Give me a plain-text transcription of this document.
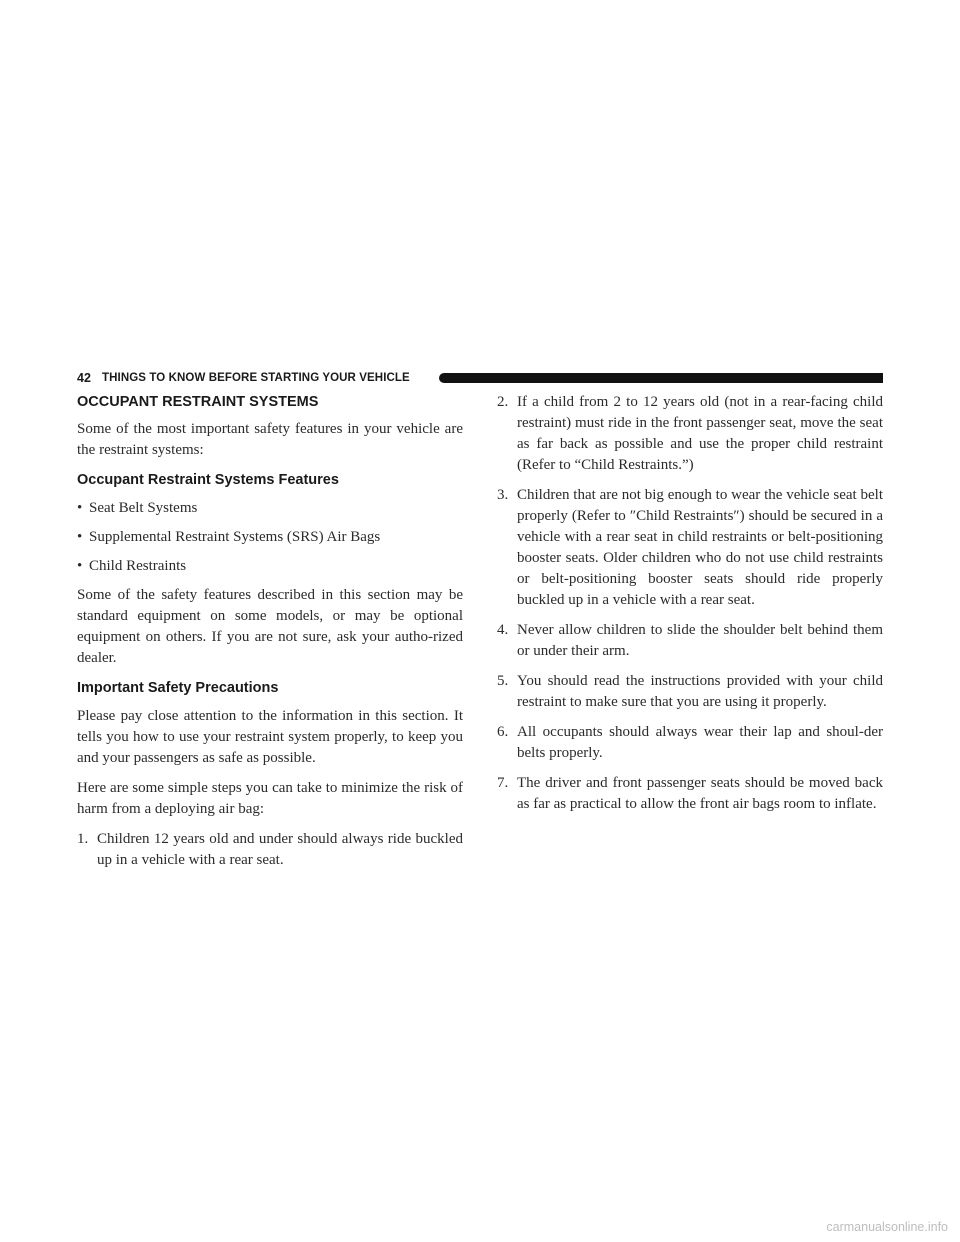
42 THINGS TO KNOW BEFORE STARTING YOUR VEHICLE
OCCUPANT RESTRAINT SYSTEMS

Some of the most important safety features in your vehicle are the restraint systems:

Occupant Restraint Systems Features
• Seat Belt Systems
• Supplemental Restraint Systems (SRS) Air Bags
• Child Restraints

Some of the safety features described in this section may be standard equipment on some models, or may be optional equipment on others. If you are not sure, ask your autho-rized dealer.

Important Safety Precautions

Please pay close attention to the information in this section. It tells you how to use your restraint system properly, to keep you and your passengers as safe as possible.

Here are some simple steps you can take to minimize the risk of harm from a deploying air bag:

1. Children 12 years old and under should always ride buckled up in a vehicle with a rear seat.
2. If a child from 2 to 12 years old (not in a rear-facing child restraint) must ride in the front passenger seat, move the seat as far back as possible and use the proper child restraint (Refer to “Child Restraints.”)
3. Children that are not big enough to wear the vehicle seat belt properly (Refer to ″Child Restraints″) should be secured in a vehicle with a rear seat in child restraints or belt-positioning booster seats. Older children who do not use child restraints or belt-positioning booster seats should ride properly buckled up in a vehicle with a rear seat.
4. Never allow children to slide the shoulder belt behind them or under their arm.
5. You should read the instructions provided with your child restraint to make sure that you are using it properly.
6. All occupants should always wear their lap and shoul-der belts properly.
7. The driver and front passenger seats should be moved back as far as practical to allow the front air bags room to inflate.
carmanualsonline.info
